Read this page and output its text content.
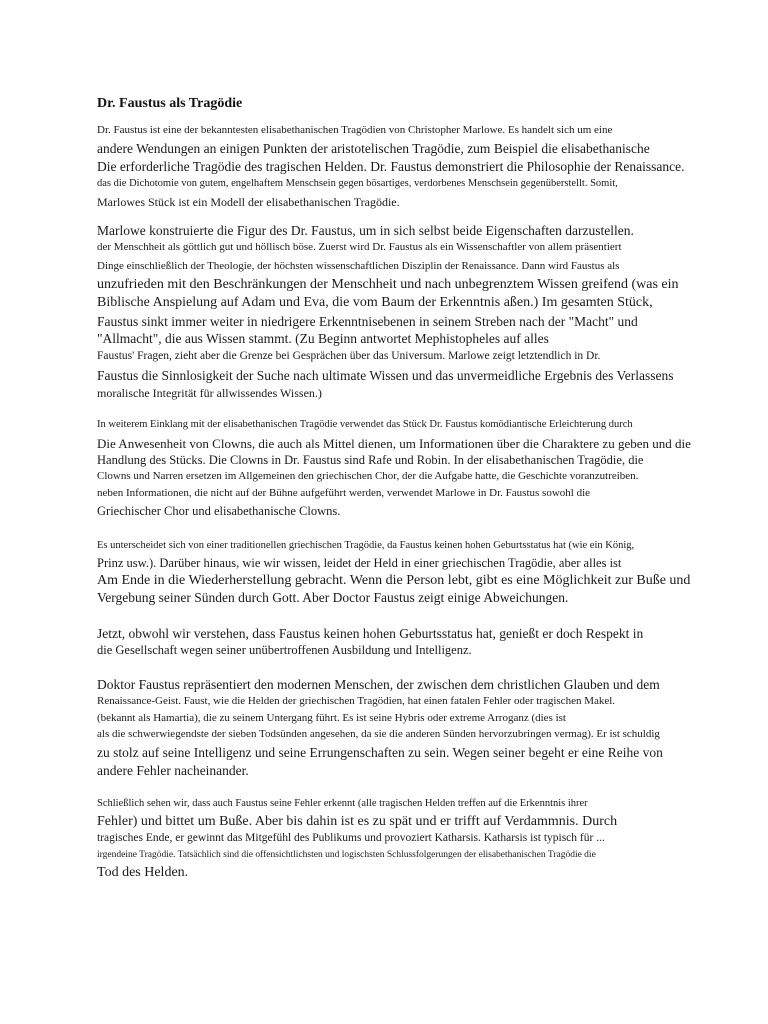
Dr. Faustus als Tragödie

Dr. Faustus ist eine der bekanntesten elisabethanischen Tragödien von Christopher Marlowe. Es handelt sich um eine

andere Wendungen an einigen Punkten der aristotelischen Tragödie, zum Beispiel die elisabethanische

Die erforderliche Tragödie des tragischen Helden. Dr. Faustus demonstriert die Philosophie der Renaissance.

das die Dichotomie von gutem, engelhaftem Menschsein gegen bösartiges, verdorbenes Menschsein gegenüberstellt. Somit,

Marlowes Stück ist ein Modell der elisabethanischen Tragödie.

Marlowe konstruierte die Figur des Dr. Faustus, um in sich selbst beide Eigenschaften darzustellen.

der Menschheit als göttlich gut und höllisch böse. Zuerst wird Dr. Faustus als ein Wissenschaftler von allem präsentiert

Dinge einschließlich der Theologie, der höchsten wissenschaftlichen Disziplin der Renaissance. Dann wird Faustus als

unzufrieden mit den Beschränkungen der Menschheit und nach unbegrenztem Wissen greifend (was ein

Biblische Anspielung auf Adam und Eva, die vom Baum der Erkenntnis aßen.) Im gesamten Stück,

Faustus sinkt immer weiter in niedrigere Erkenntnisebenen in seinem Streben nach der "Macht" und

"Allmacht", die aus Wissen stammt. (Zu Beginn antwortet Mephistopheles auf alles

Faustus' Fragen, zieht aber die Grenze bei Gesprächen über das Universum. Marlowe zeigt letztendlich in Dr.

Faustus die Sinnlosigkeit der Suche nach ultimate Wissen und das unvermeidliche Ergebnis des Verlassens

moralische Integrität für allwissendes Wissen.)

In weiterem Einklang mit der elisabethanischen Tragödie verwendet das Stück Dr. Faustus komödiantische Erleichterung durch

Die Anwesenheit von Clowns, die auch als Mittel dienen, um Informationen über die Charaktere zu geben und die

Handlung des Stücks. Die Clowns in Dr. Faustus sind Rafe und Robin. In der elisabethanischen Tragödie, die

Clowns und Narren ersetzen im Allgemeinen den griechischen Chor, der die Aufgabe hatte, die Geschichte voranzutreiben.

neben Informationen, die nicht auf der Bühne aufgeführt werden, verwendet Marlowe in Dr. Faustus sowohl die

Griechischer Chor und elisabethanische Clowns.

Es unterscheidet sich von einer traditionellen griechischen Tragödie, da Faustus keinen hohen Geburtsstatus hat (wie ein König,

Prinz usw.). Darüber hinaus, wie wir wissen, leidet der Held in einer griechischen Tragödie, aber alles ist

Am Ende in die Wiederherstellung gebracht. Wenn die Person lebt, gibt es eine Möglichkeit zur Buße und

Vergebung seiner Sünden durch Gott. Aber Doctor Faustus zeigt einige Abweichungen.

Jetzt, obwohl wir verstehen, dass Faustus keinen hohen Geburtsstatus hat, genießt er doch Respekt in

die Gesellschaft wegen seiner unübertroffenen Ausbildung und Intelligenz.

Doktor Faustus repräsentiert den modernen Menschen, der zwischen dem christlichen Glauben und dem

Renaissance-Geist. Faust, wie die Helden der griechischen Tragödien, hat einen fatalen Fehler oder tragischen Makel.

(bekannt als Hamartia), die zu seinem Untergang führt. Es ist seine Hybris oder extreme Arroganz (dies ist

als die schwerwiegendste der sieben Todsünden angesehen, da sie die anderen Sünden hervorzubringen vermag). Er ist schuldig

zu stolz auf seine Intelligenz und seine Errungenschaften zu sein. Wegen seiner begeht er eine Reihe von

andere Fehler nacheinander.

Schließlich sehen wir, dass auch Faustus seine Fehler erkennt (alle tragischen Helden treffen auf die Erkenntnis ihrer

Fehler) und bittet um Buße. Aber bis dahin ist es zu spät und er trifft auf Verdammnis. Durch

tragisches Ende, er gewinnt das Mitgefühl des Publikums und provoziert Katharsis. Katharsis ist typisch für ...

irgendeine Tragödie. Tatsächlich sind die offensichtlichsten und logischsten Schlussfolgerungen der elisabethanischen Tragödie die

Tod des Helden.
